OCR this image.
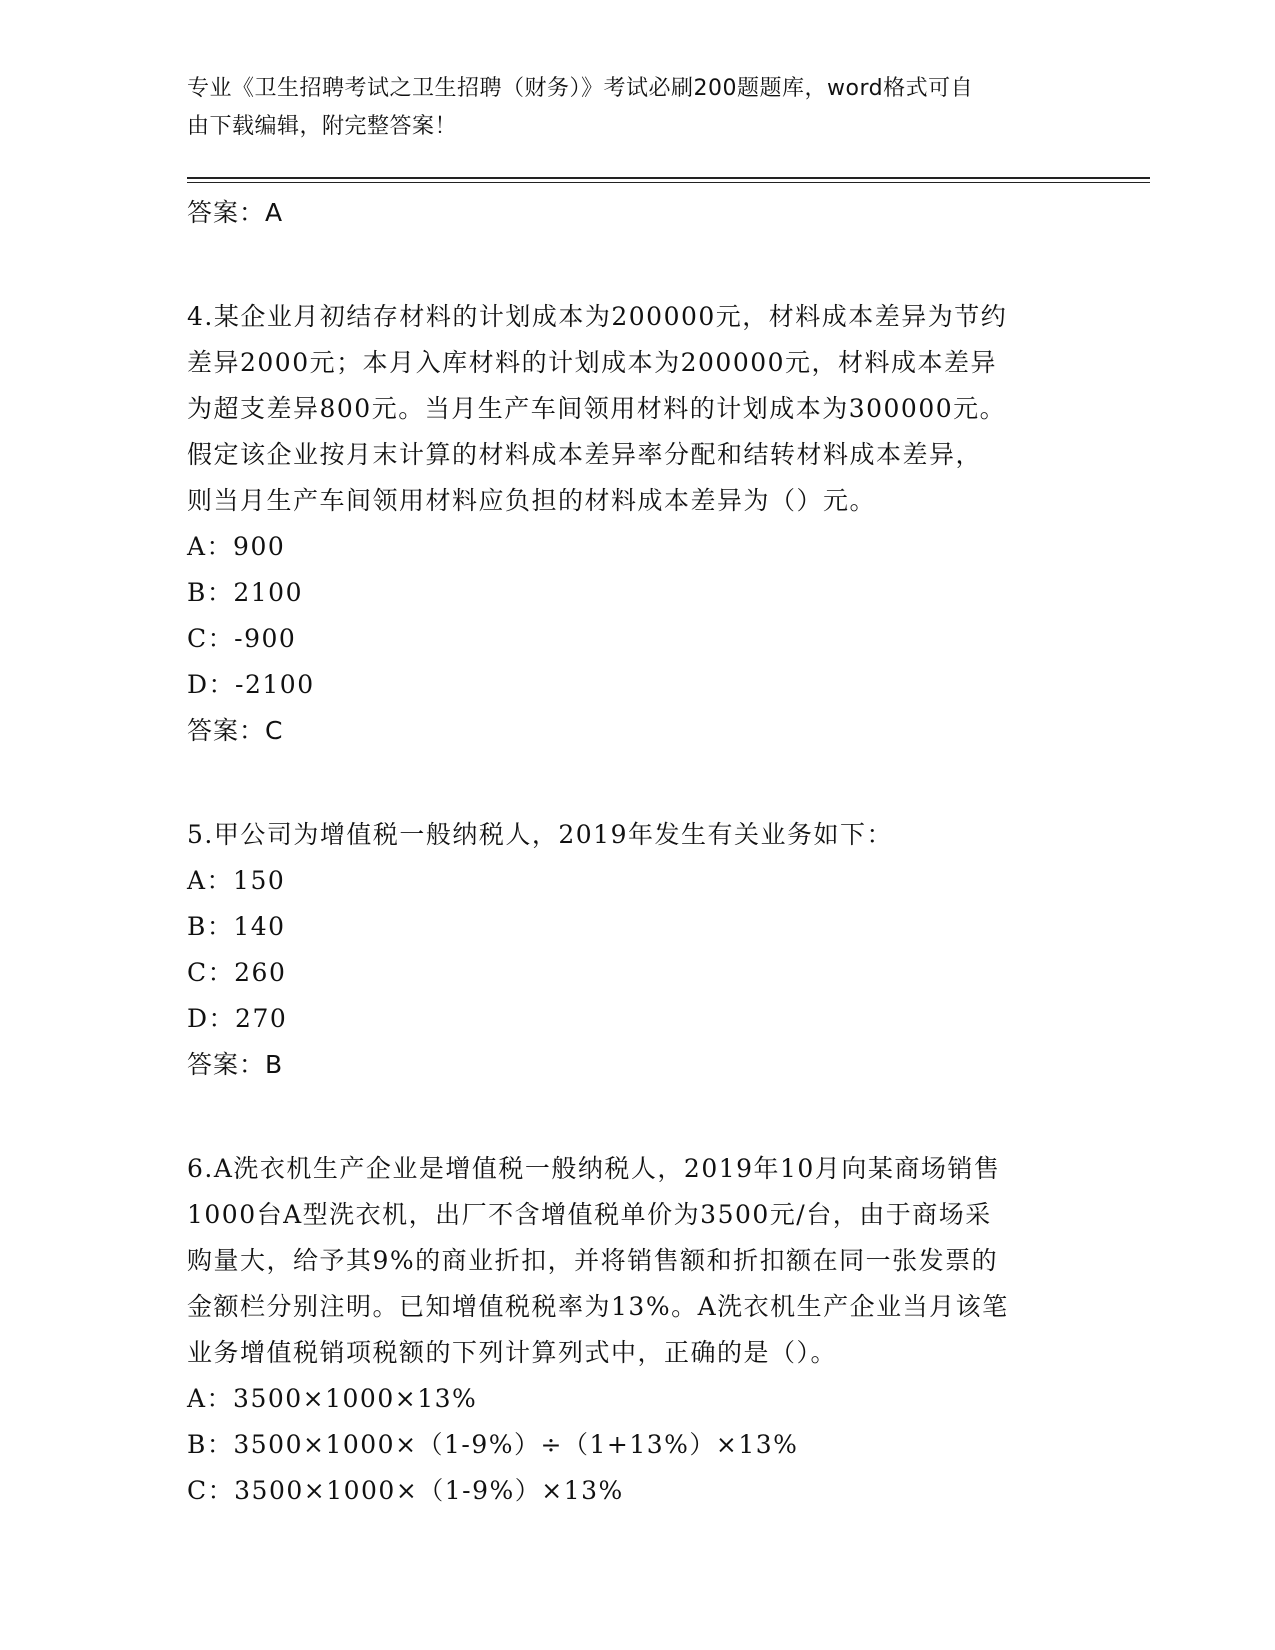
专业《卫生招聘考试之卫生招聘（财务）》考试必刷200题题库，word格式可自
由下载编辑，附完整答案！
答案：A
4.某企业月初结存材料的计划成本为200000元，材料成本差异为节约
差异2000元；本月入库材料的计划成本为200000元，材料成本差异
为超支差异800元。当月生产车间领用材料的计划成本为300000元。
假定该企业按月末计算的材料成本差异率分配和结转材料成本差异，
则当月生产车间领用材料应负担的材料成本差异为（）元。
A：900
B：2100
C：-900
D：-2100
答案：C
5.甲公司为增值税一般纳税人，2019年发生有关业务如下：
A：150
B：140
C：260
D：270
答案：B
6.A洗衣机生产企业是增值税一般纳税人，2019年10月向某商场销售
1000台A型洗衣机，出厂不含增值税单价为3500元/台，由于商场采
购量大，给予其9%的商业折扣，并将销售额和折扣额在同一张发票的
金额栏分别注明。已知增值税税率为13%。A洗衣机生产企业当月该笔
业务增值税销项税额的下列计算列式中，正确的是（）。
A：3500×1000×13%
B：3500×1000×（1-9%）÷（1+13%）×13%
C：3500×1000×（1-9%）×13%
